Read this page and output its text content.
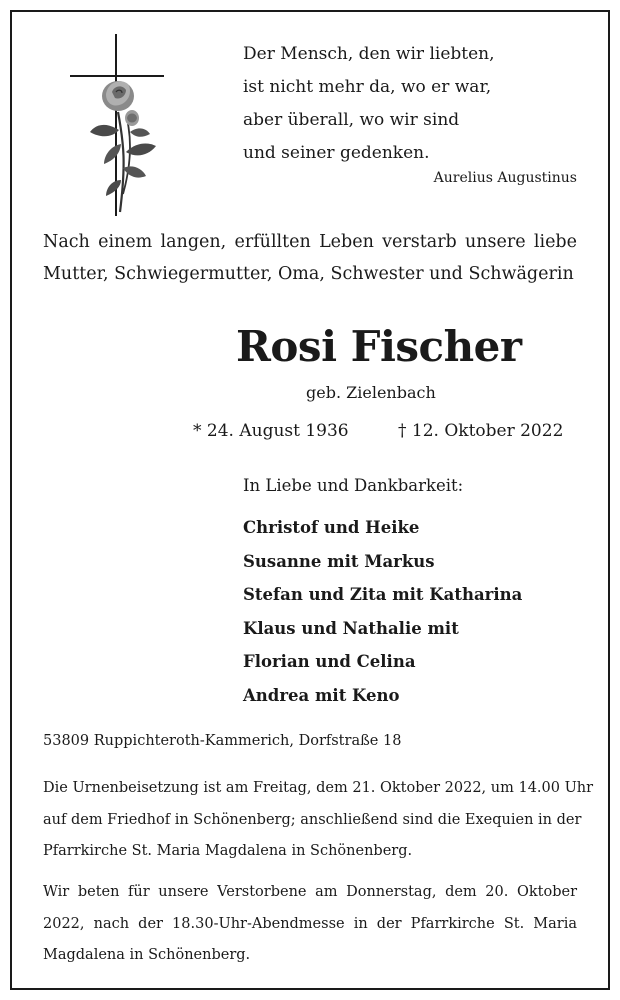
Der Mensch, den wir liebten,
ist nicht mehr da, wo er war,
aber überall, wo wir sind
und seiner gedenken.
Aurelius Augustinus
Nach einem langen, erfüllten Leben verstarb unsere liebe
Mutter, Schwiegermutter, Oma, Schwester und Schwägerin
Rosi Fischer
geb. Zielenbach
* 24. August 1936	† 12. Oktober 2022
In Liebe und Dankbarkeit:
Christof und Heike
Susanne mit Markus
Stefan und Zita mit Katharina
Klaus und Nathalie mit
Florian und Celina
Andrea mit Keno
53809 Ruppichteroth-Kammerich, Dorfstraße 18
Die Urnenbeisetzung ist am Freitag, dem 21. Oktober 2022, um 14.00 Uhr
auf dem Friedhof in Schönenberg; anschließend sind die Exequien in der
Pfarrkirche St. Maria Magdalena in Schönenberg.
Wir beten für unsere Verstorbene am Donnerstag, dem 20. Oktober
2022, nach der 18.30-Uhr-Abendmesse in der Pfarrkirche St. Maria
Magdalena in Schönenberg.
